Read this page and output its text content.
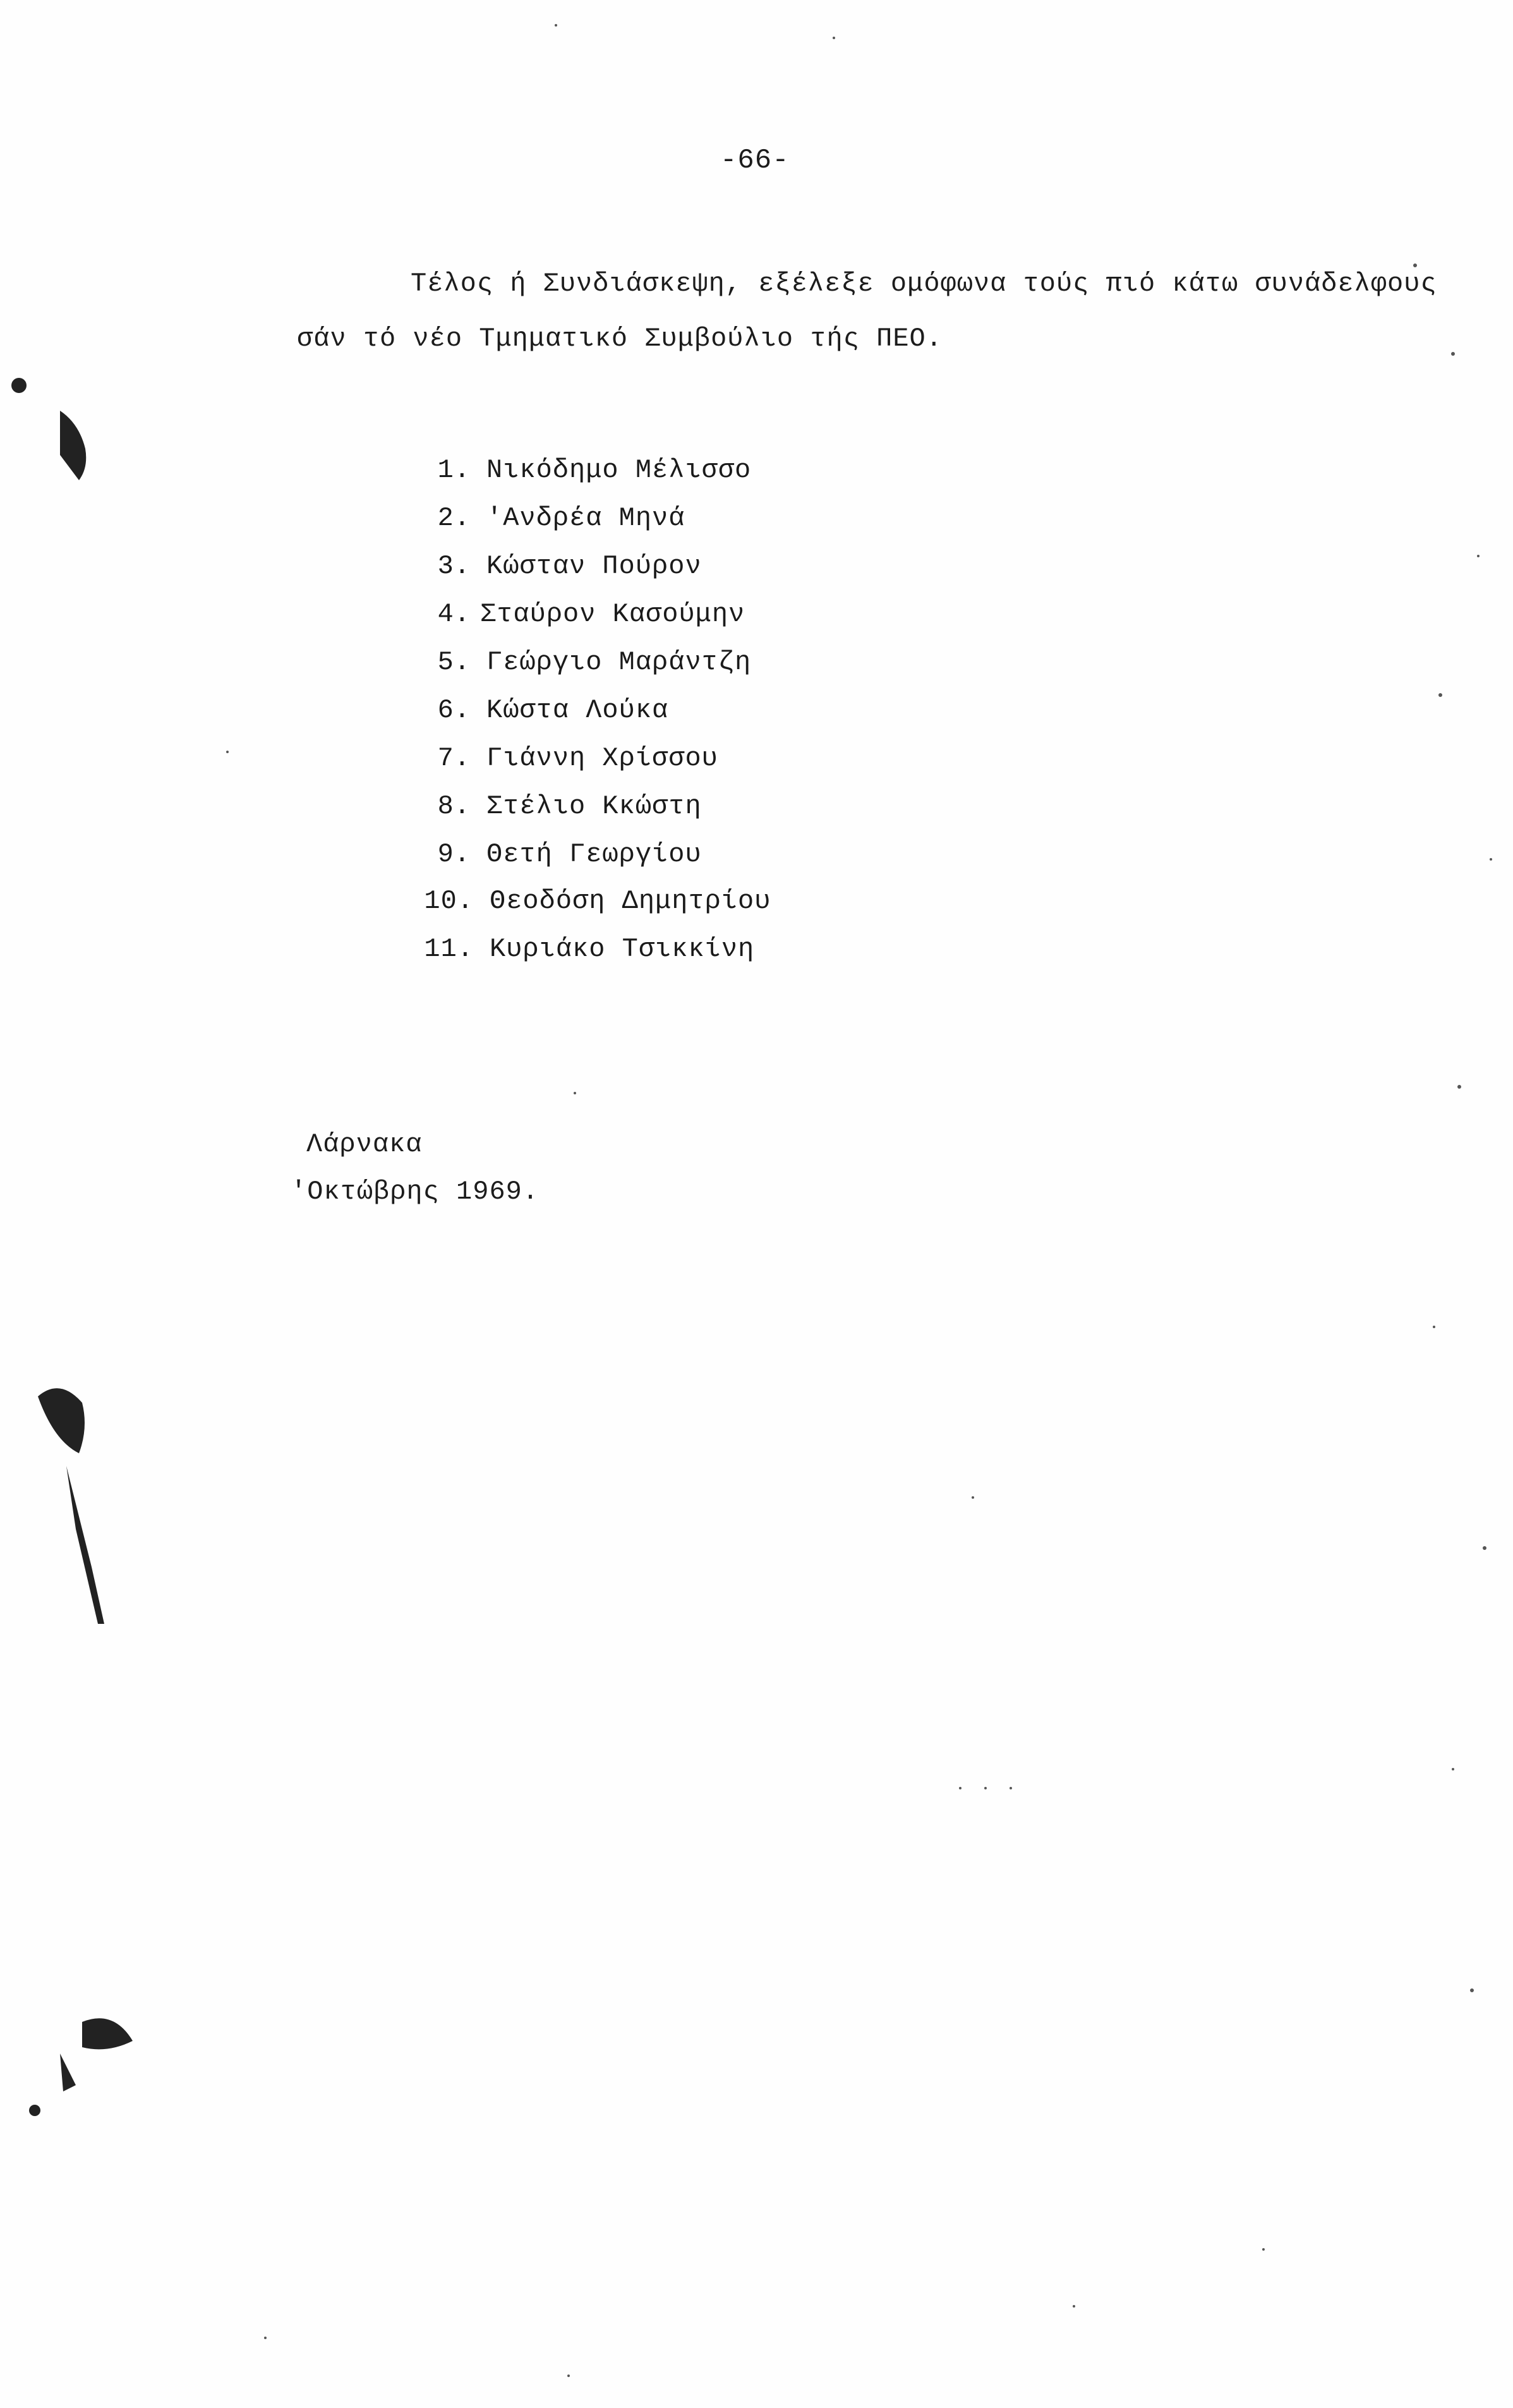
-66-
Τέλος ή Συνδιάσκεψη, εξέλεξε ομόφωνα τούς πιό κάτω συνάδελφους
σάν τό νέο Τμηματικό Συμβούλιο τής ΠΕΟ.
1. Νικόδημο Μέλισσο
2. 'Ανδρέα Μηνά
3. Κώσταν Πούρον
4. Σταύρον Κασούμην
5. Γεώργιο Μαράντζη
6. Κώστα Λούκα
7. Γιάννη Χρίσσου
8. Στέλιο Κκώστη
9. Θετή Γεωργίου
10. Θεοδόση Δημητρίου
11. Κυριάκο Τσικκίνη
Λάρνακα
'Οκτώβρης 1969.
